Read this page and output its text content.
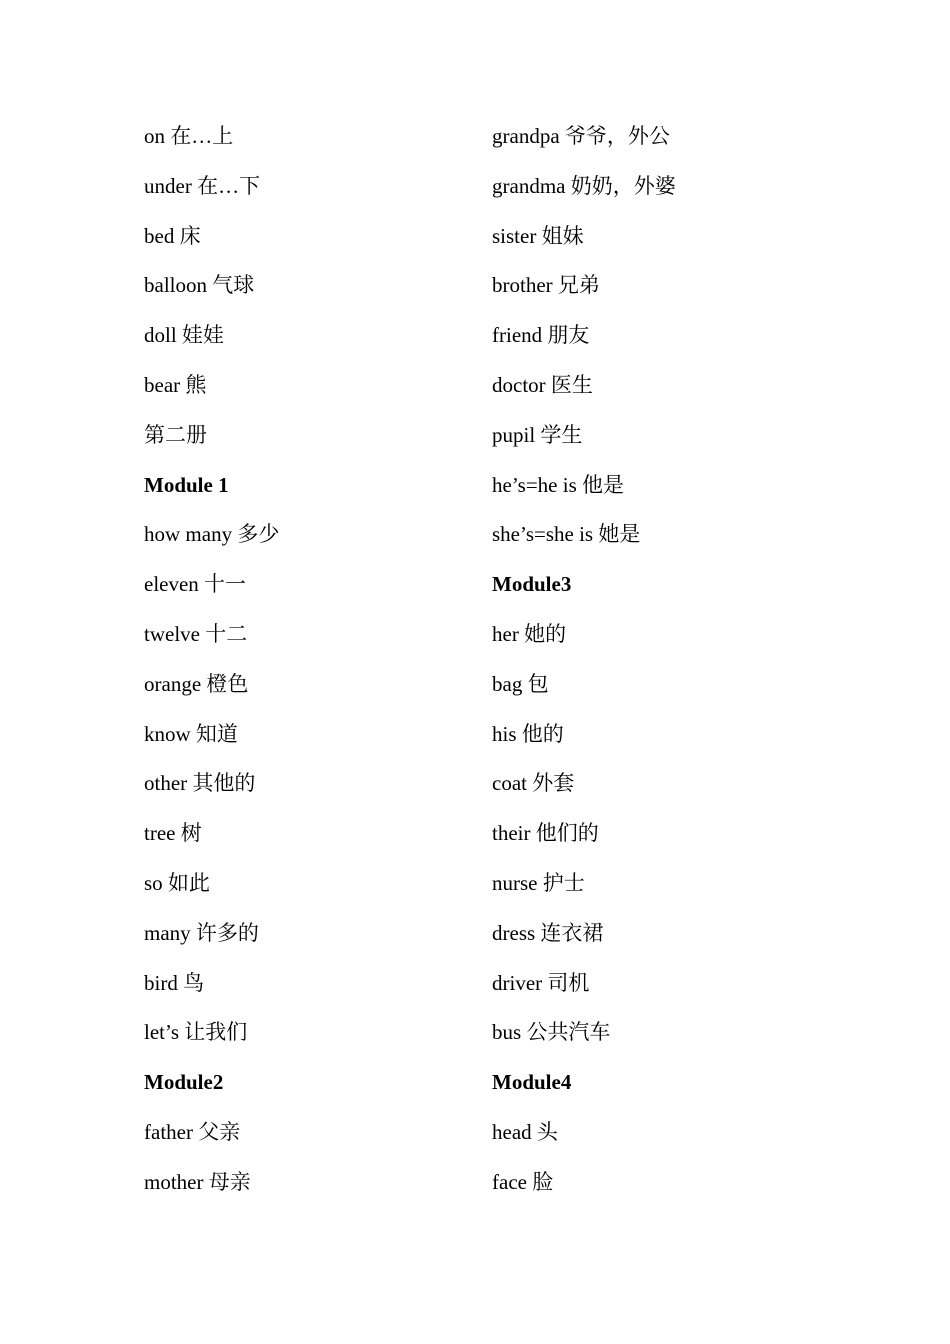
on 在…上
under 在…下
bed 床
balloon 气球
doll 娃娃
bear 熊
第二册
Module 1
how many 多少
eleven 十一
twelve 十二
orange 橙色
know 知道
other 其他的
tree 树
so 如此
many 许多的
bird 鸟
let’s 让我们
Module2
father 父亲
mother 母亲
grandpa 爷爷，外公
grandma 奶奶，外婆
sister 姐妹
brother 兄弟
friend 朋友
doctor 医生
pupil 学生
he’s=he is 他是
she’s=she is 她是
Module3
her 她的
bag 包
his 他的
coat 外套
their 他们的
nurse 护士
dress 连衣裙
driver 司机
bus 公共汽车
Module4
head 头
face 脸
